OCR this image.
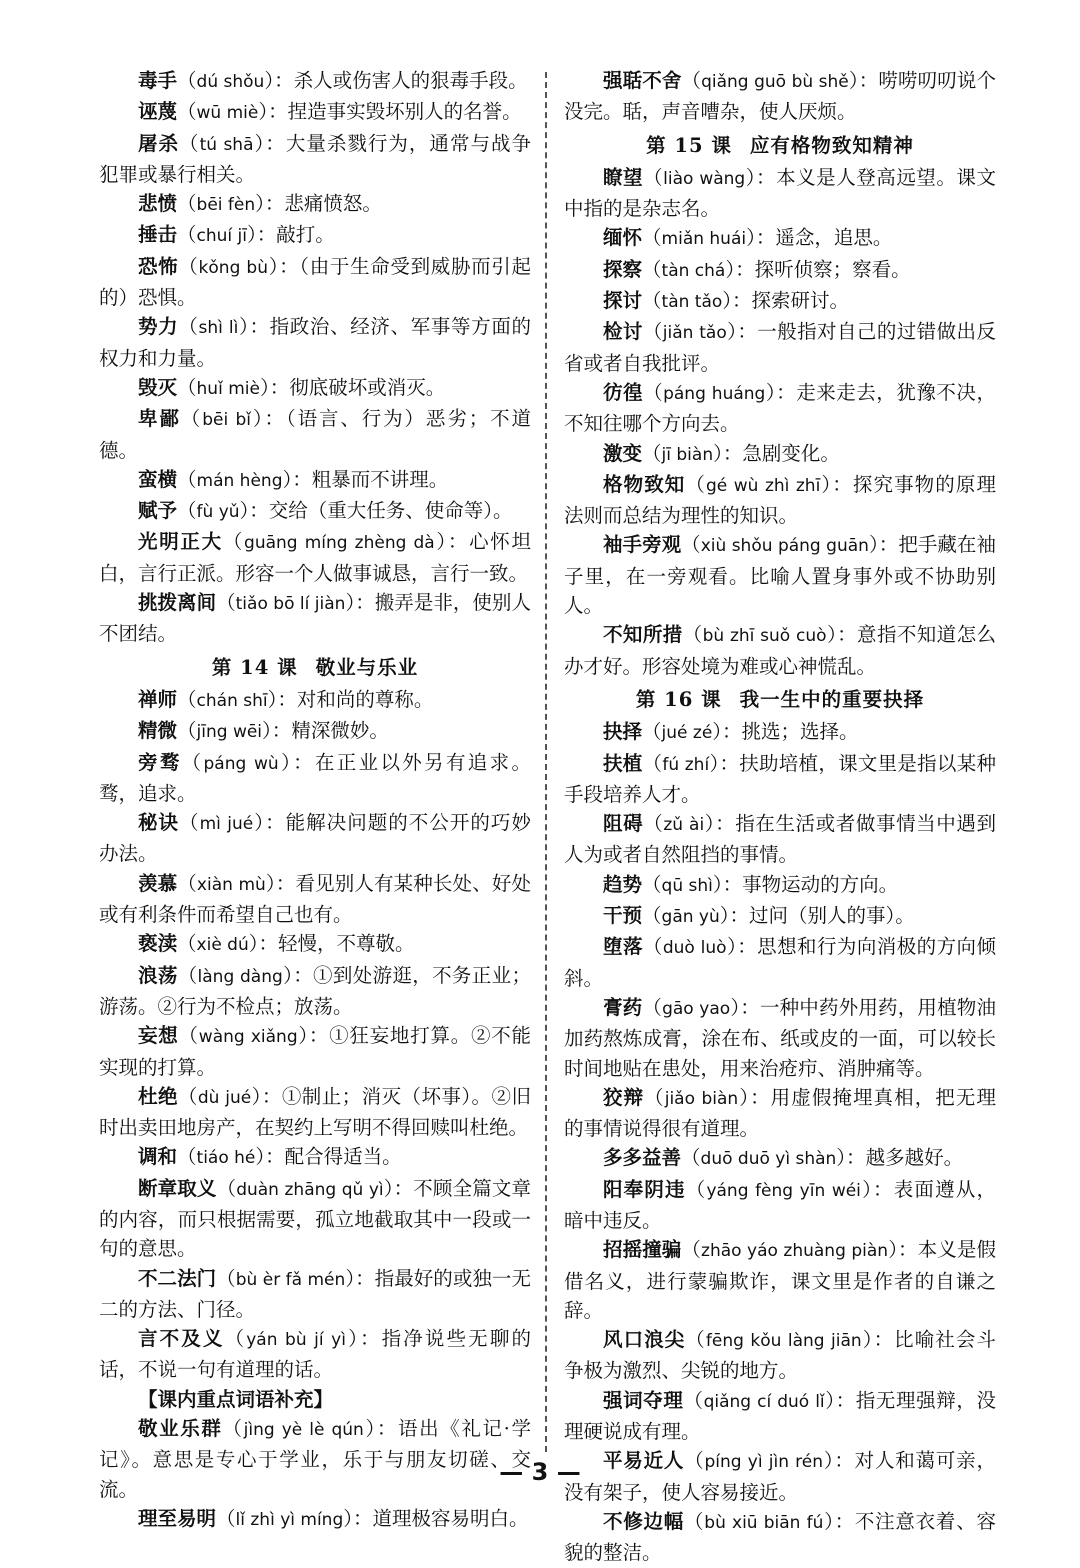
毒手（dú shǒu）：杀人或伤害人的狠毒手段。

诬蔑（wū miè）：捏造事实毁坏别人的名誉。

屠杀（tú shā）：大量杀戮行为，通常与战争犯罪或暴行相关。

悲愤（bēi fèn）：悲痛愤怒。

捶击（chuí jī）：敲打。

恐怖（kǒng bù）：（由于生命受到威胁而引起的）恐惧。

势力（shì lì）：指政治、经济、军事等方面的权力和力量。

毁灭（huǐ miè）：彻底破坏或消灭。

卑鄙（bēi bǐ）：（语言、行为）恶劣；不道德。

蛮横（mán hèng）：粗暴而不讲理。

赋予（fù yǔ）：交给（重大任务、使命等）。

光明正大（guāng míng zhèng dà）：心怀坦白，言行正派。形容一个人做事诚恳，言行一致。

挑拨离间（tiǎo bō lí jiàn）：搬弄是非，使别人不团结。

第 14 课 敬业与乐业

禅师（chán shī）：对和尚的尊称。

精微（jīng wēi）：精深微妙。

旁骛（páng wù）：在正业以外另有追求。骛，追求。

秘诀（mì jué）：能解决问题的不公开的巧妙办法。

羡慕（xiàn mù）：看见别人有某种长处、好处或有利条件而希望自己也有。

亵渎（xiè dú）：轻慢，不尊敬。

浪荡（làng dàng）：①到处游逛，不务正业；游荡。②行为不检点；放荡。

妄想（wàng xiǎng）：①狂妄地打算。②不能实现的打算。

杜绝（dù jué）：①制止；消灭（坏事）。②旧时出卖田地房产，在契约上写明不得回赎叫杜绝。

调和（tiáo hé）：配合得适当。

断章取义（duàn zhāng qǔ yì）：不顾全篇文章的内容，而只根据需要，孤立地截取其中一段或一句的意思。

不二法门（bù èr fǎ mén）：指最好的或独一无二的方法、门径。

言不及义（yán bù jí yì）：指净说些无聊的话，不说一句有道理的话。

【课内重点词语补充】

敬业乐群（jìng yè lè qún）：语出《礼记·学记》。意思是专心于学业，乐于与朋友切磋、交流。

理至易明（lǐ zhì yì míng）：道理极容易明白。

强聒不舍（qiǎng guō bù shě）：唠唠叨叨说个没完。聒，声音嘈杂，使人厌烦。

第 15 课 应有格物致知精神

瞭望（liào wàng）：本义是人登高远望。课文中指的是杂志名。

缅怀（miǎn huái）：遥念，追思。

探察（tàn chá）：探听侦察；察看。

探讨（tàn tǎo）：探索研讨。

检讨（jiǎn tǎo）：一般指对自己的过错做出反省或者自我批评。

彷徨（páng huáng）：走来走去，犹豫不决，不知往哪个方向去。

激变（jī biàn）：急剧变化。

格物致知（gé wù zhì zhī）：探究事物的原理法则而总结为理性的知识。

袖手旁观（xiù shǒu páng guān）：把手藏在袖子里，在一旁观看。比喻人置身事外或不协助别人。

不知所措（bù zhī suǒ cuò）：意指不知道怎么办才好。形容处境为难或心神慌乱。

第 16 课 我一生中的重要抉择

抉择（jué zé）：挑选；选择。

扶植（fú zhí）：扶助培植，课文里是指以某种手段培养人才。

阻碍（zǔ ài）：指在生活或者做事情当中遇到人为或者自然阻挡的事情。

趋势（qū shì）：事物运动的方向。

干预（gān yù）：过问（别人的事）。

堕落（duò luò）：思想和行为向消极的方向倾斜。

膏药（gāo yao）：一种中药外用药，用植物油加药熬炼成膏，涂在布、纸或皮的一面，可以较长时间地贴在患处，用来治疮疖、消肿痛等。

狡辩（jiǎo biàn）：用虚假掩埋真相，把无理的事情说得很有道理。

多多益善（duō duō yì shàn）：越多越好。

阳奉阴违（yáng fèng yīn wéi）：表面遵从，暗中违反。

招摇撞骗（zhāo yáo zhuàng piàn）：本义是假借名义，进行蒙骗欺诈，课文里是作者的自谦之辞。

风口浪尖（fēng kǒu làng jiān）：比喻社会斗争极为激烈、尖锐的地方。

强词夺理（qiǎng cí duó lǐ）：指无理强辩，没理硬说成有理。

平易近人（píng yì jìn rén）：对人和蔼可亲，没有架子，使人容易接近。

不修边幅（bù xiū biān fú）：不注意衣着、容貌的整洁。

— 3 —
